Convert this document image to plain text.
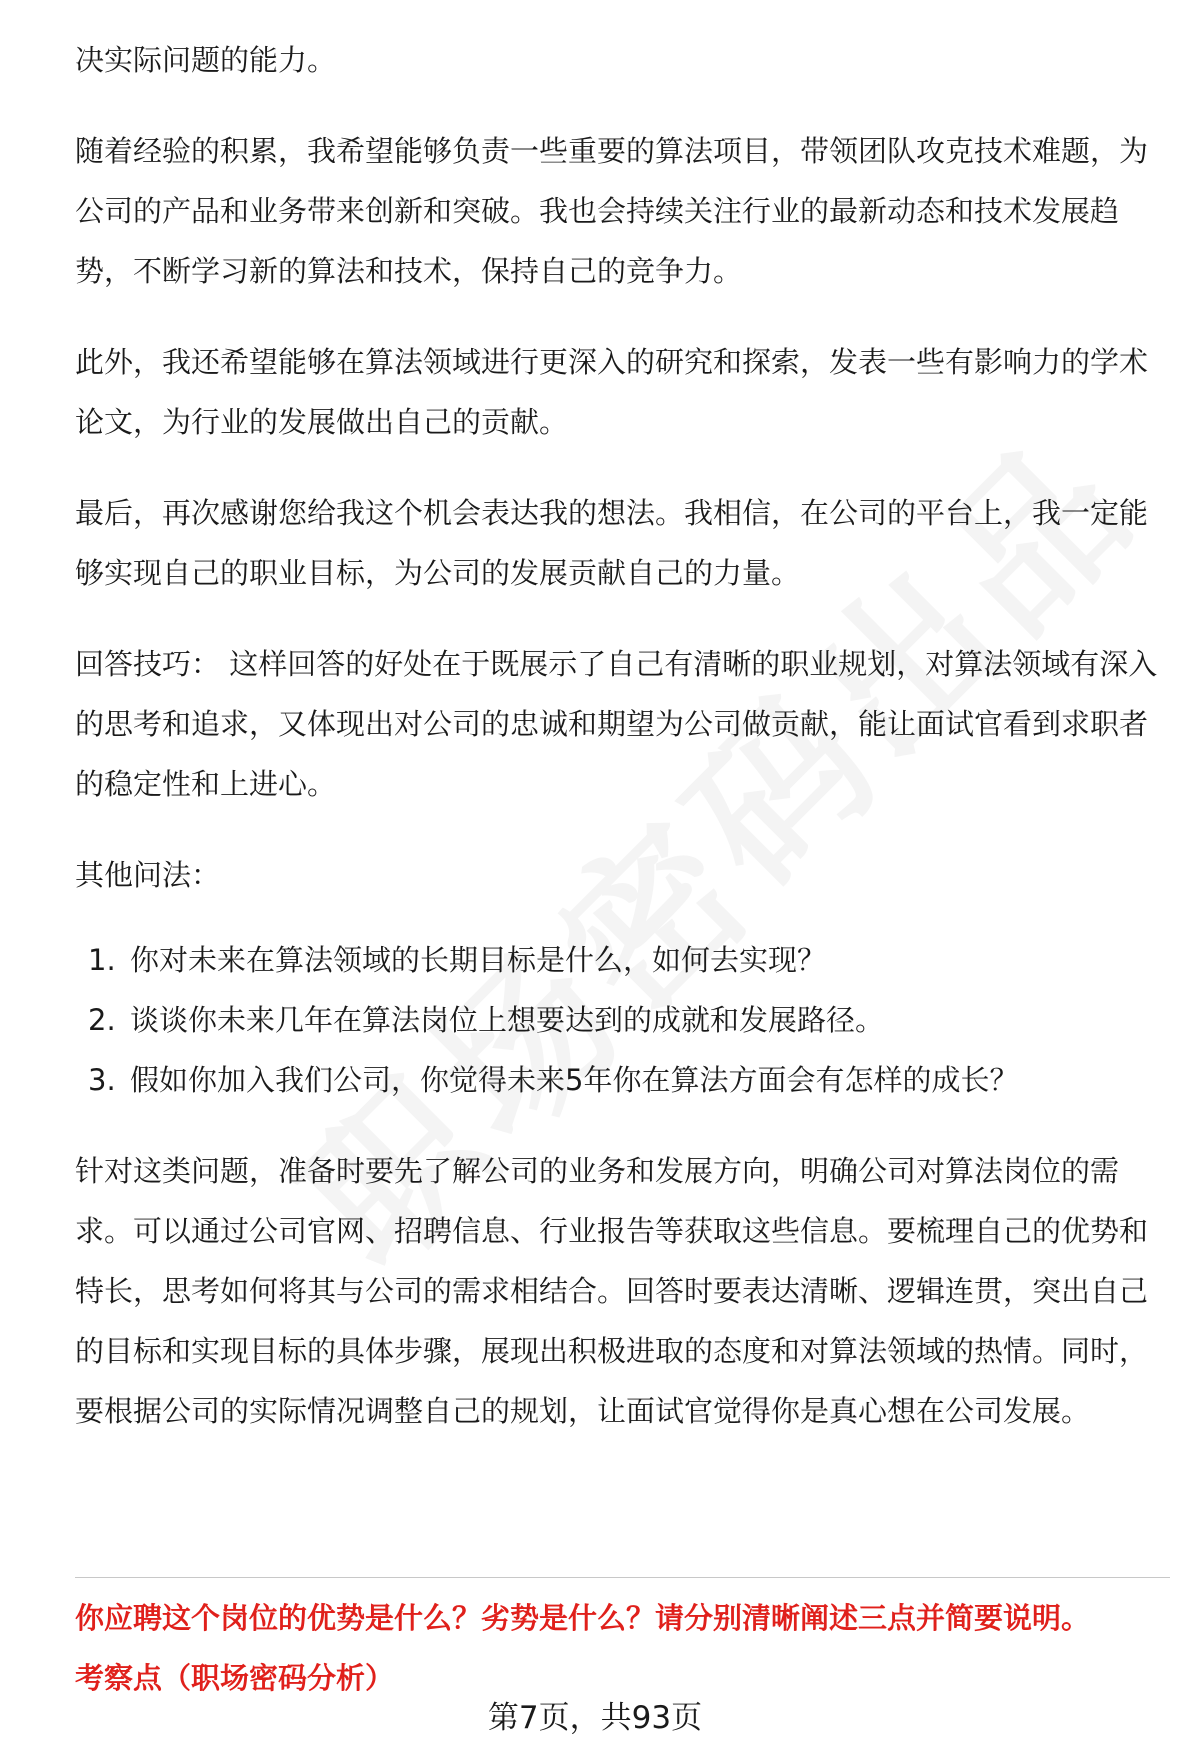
决实际问题的能力。

随着经验的积累，我希望能够负责一些重要的算法项目，带领团队攻克技术难题，为公司的产品和业务带来创新和突破。我也会持续关注行业的最新动态和技术发展趋势，不断学习新的算法和技术，保持自己的竞争力。

此外，我还希望能够在算法领域进行更深入的研究和探索，发表一些有影响力的学术论文，为行业的发展做出自己的贡献。

最后，再次感谢您给我这个机会表达我的想法。我相信，在公司的平台上，我一定能够实现自己的职业目标，为公司的发展贡献自己的力量。

回答技巧： 这样回答的好处在于既展示了自己有清晰的职业规划，对算法领域有深入的思考和追求，又体现出对公司的忠诚和期望为公司做贡献，能让面试官看到求职者的稳定性和上进心。

其他问法：

1. 你对未来在算法领域的长期目标是什么，如何去实现？
2. 谈谈你未来几年在算法岗位上想要达到的成就和发展路径。
3. 假如你加入我们公司，你觉得未来5年你在算法方面会有怎样的成长？

针对这类问题，准备时要先了解公司的业务和发展方向，明确公司对算法岗位的需求。可以通过公司官网、招聘信息、行业报告等获取这些信息。要梳理自己的优势和特长，思考如何将其与公司的需求相结合。回答时要表达清晰、逻辑连贯，突出自己的目标和实现目标的具体步骤，展现出积极进取的态度和对算法领域的热情。同时，要根据公司的实际情况调整自己的规划，让面试官觉得你是真心想在公司发展。

你应聘这个岗位的优势是什么？劣势是什么？请分别清晰阐述三点并简要说明。
考察点（职场密码分析）
第7页，共93页
